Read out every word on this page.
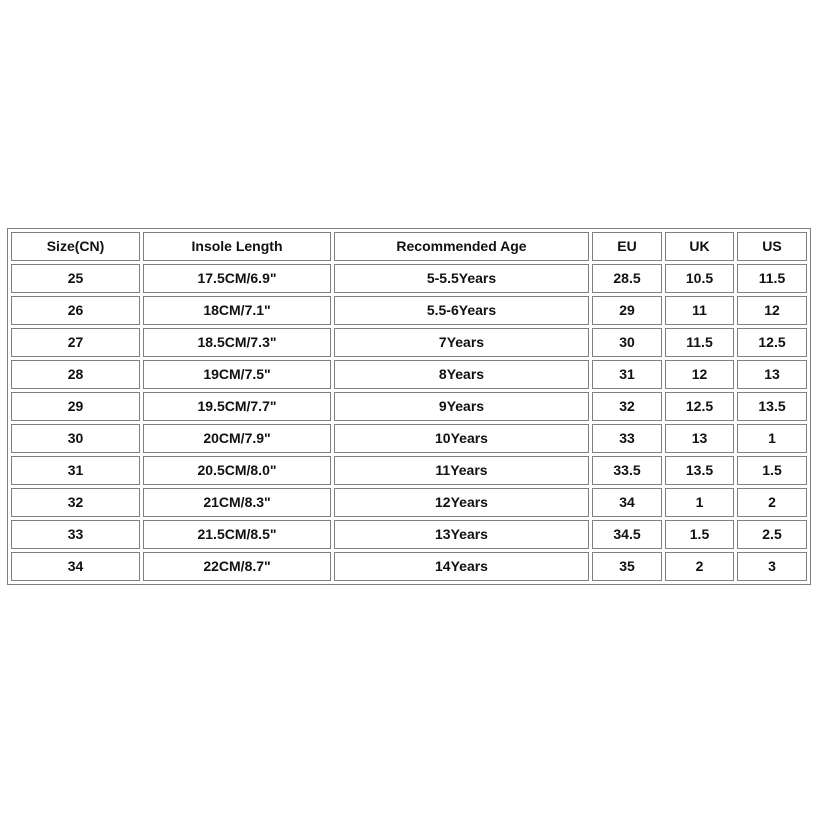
Size(CN)	Insole Length	Recommended Age	EU	UK	US
25	17.5CM/6.9"	5-5.5Years	28.5	10.5	11.5
26	18CM/7.1"	5.5-6Years	29	11	12
27	18.5CM/7.3"	7Years	30	11.5	12.5
28	19CM/7.5"	8Years	31	12	13
29	19.5CM/7.7"	9Years	32	12.5	13.5
30	20CM/7.9"	10Years	33	13	1
31	20.5CM/8.0"	11Years	33.5	13.5	1.5
32	21CM/8.3"	12Years	34	1	2
33	21.5CM/8.5"	13Years	34.5	1.5	2.5
34	22CM/8.7"	14Years	35	2	3
